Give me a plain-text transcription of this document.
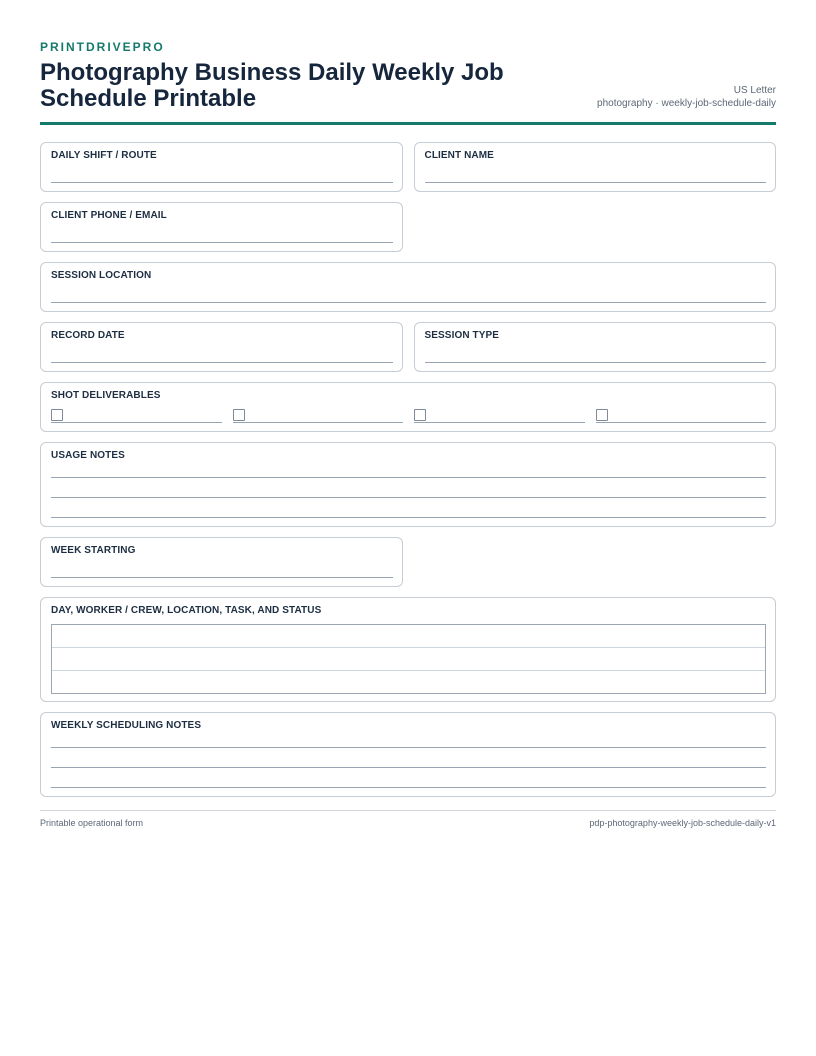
PRINTDRIVEPRO
Photography Business Daily Weekly Job Schedule Printable	US Letter
photography · weekly-job-schedule-daily
DAILY SHIFT / ROUTE	CLIENT NAME
CLIENT PHONE / EMAIL
SESSION LOCATION
RECORD DATE	SESSION TYPE
SHOT DELIVERABLES
USAGE NOTES
WEEK STARTING
DAY, WORKER / CREW, LOCATION, TASK, AND STATUS
WEEKLY SCHEDULING NOTES
Printable operational form	pdp-photography-weekly-job-schedule-daily-v1
